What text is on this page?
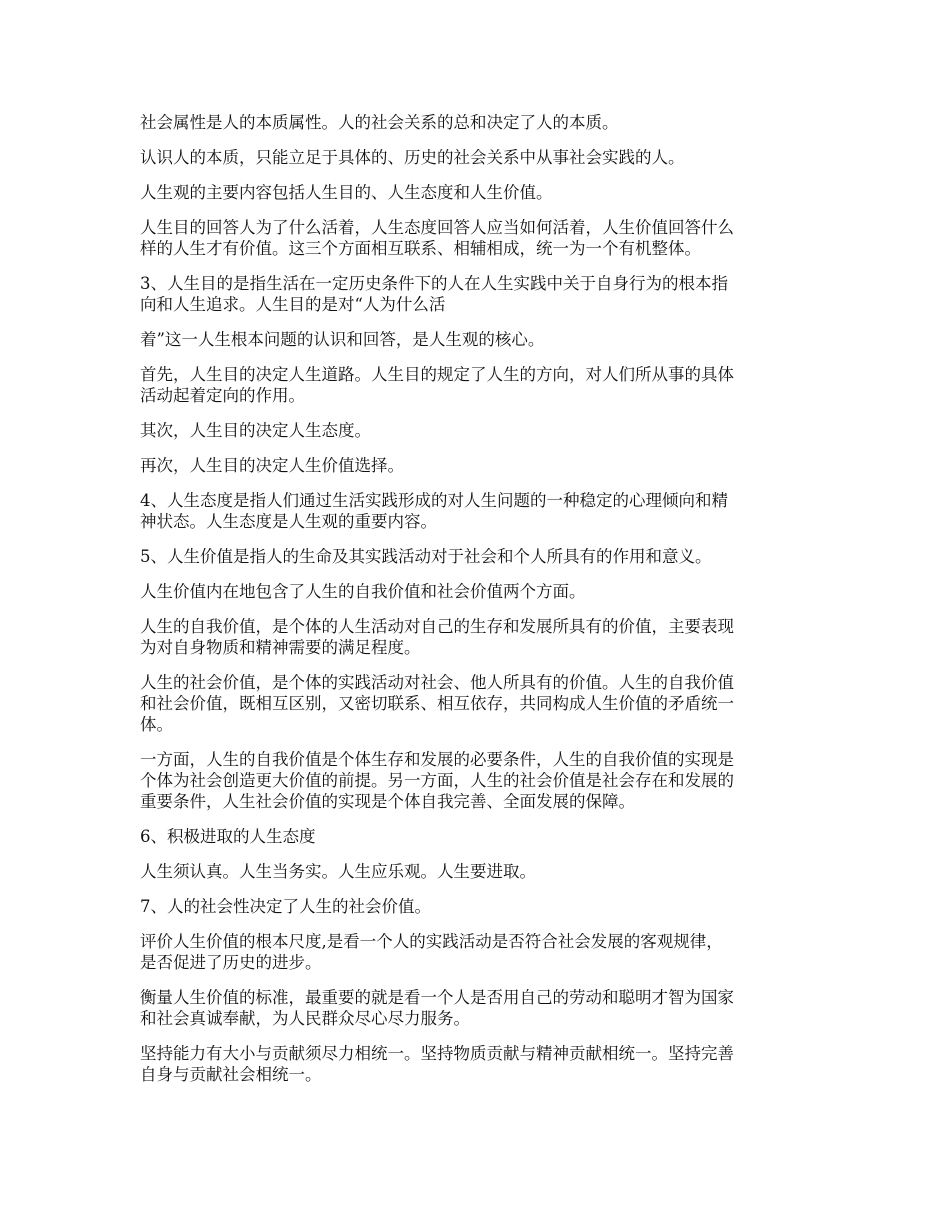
社会属性是人的本质属性。人的社会关系的总和决定了人的本质。

认识人的本质，只能立足于具体的、历史的社会关系中从事社会实践的人。

人生观的主要内容包括人生目的、人生态度和人生价值。

人生目的回答人为了什么活着，人生态度回答人应当如何活着，人生价值回答什么
样的人生才有价值。这三个方面相互联系、相辅相成，统一为一个有机整体。

3、人生目的是指生活在一定历史条件下的人在人生实践中关于自身行为的根本指
向和人生追求。人生目的是对“人为什么活

着”这一人生根本问题的认识和回答，是人生观的核心。

首先，人生目的决定人生道路。人生目的规定了人生的方向，对人们所从事的具体
活动起着定向的作用。

其次，人生目的决定人生态度。

再次，人生目的决定人生价值选择。

4、人生态度是指人们通过生活实践形成的对人生问题的一种稳定的心理倾向和精
神状态。人生态度是人生观的重要内容。

5、人生价值是指人的生命及其实践活动对于社会和个人所具有的作用和意义。

人生价值内在地包含了人生的自我价值和社会价值两个方面。

人生的自我价值，是个体的人生活动对自己的生存和发展所具有的价值，主要表现
为对自身物质和精神需要的满足程度。

人生的社会价值，是个体的实践活动对社会、他人所具有的价值。人生的自我价值
和社会价值，既相互区别，又密切联系、相互依存，共同构成人生价值的矛盾统一
体。

一方面，人生的自我价值是个体生存和发展的必要条件，人生的自我价值的实现是
个体为社会创造更大价值的前提。另一方面，人生的社会价值是社会存在和发展的
重要条件，人生社会价值的实现是个体自我完善、全面发展的保障。

6、积极进取的人生态度

人生须认真。人生当务实。人生应乐观。人生要进取。

7、人的社会性决定了人生的社会价值。

评价人生价值的根本尺度,是看一个人的实践活动是否符合社会发展的客观规律，
是否促进了历史的进步。

衡量人生价值的标准，最重要的就是看一个人是否用自己的劳动和聪明才智为国家
和社会真诚奉献，为人民群众尽心尽力服务。

坚持能力有大小与贡献须尽力相统一。坚持物质贡献与精神贡献相统一。坚持完善
自身与贡献社会相统一。
